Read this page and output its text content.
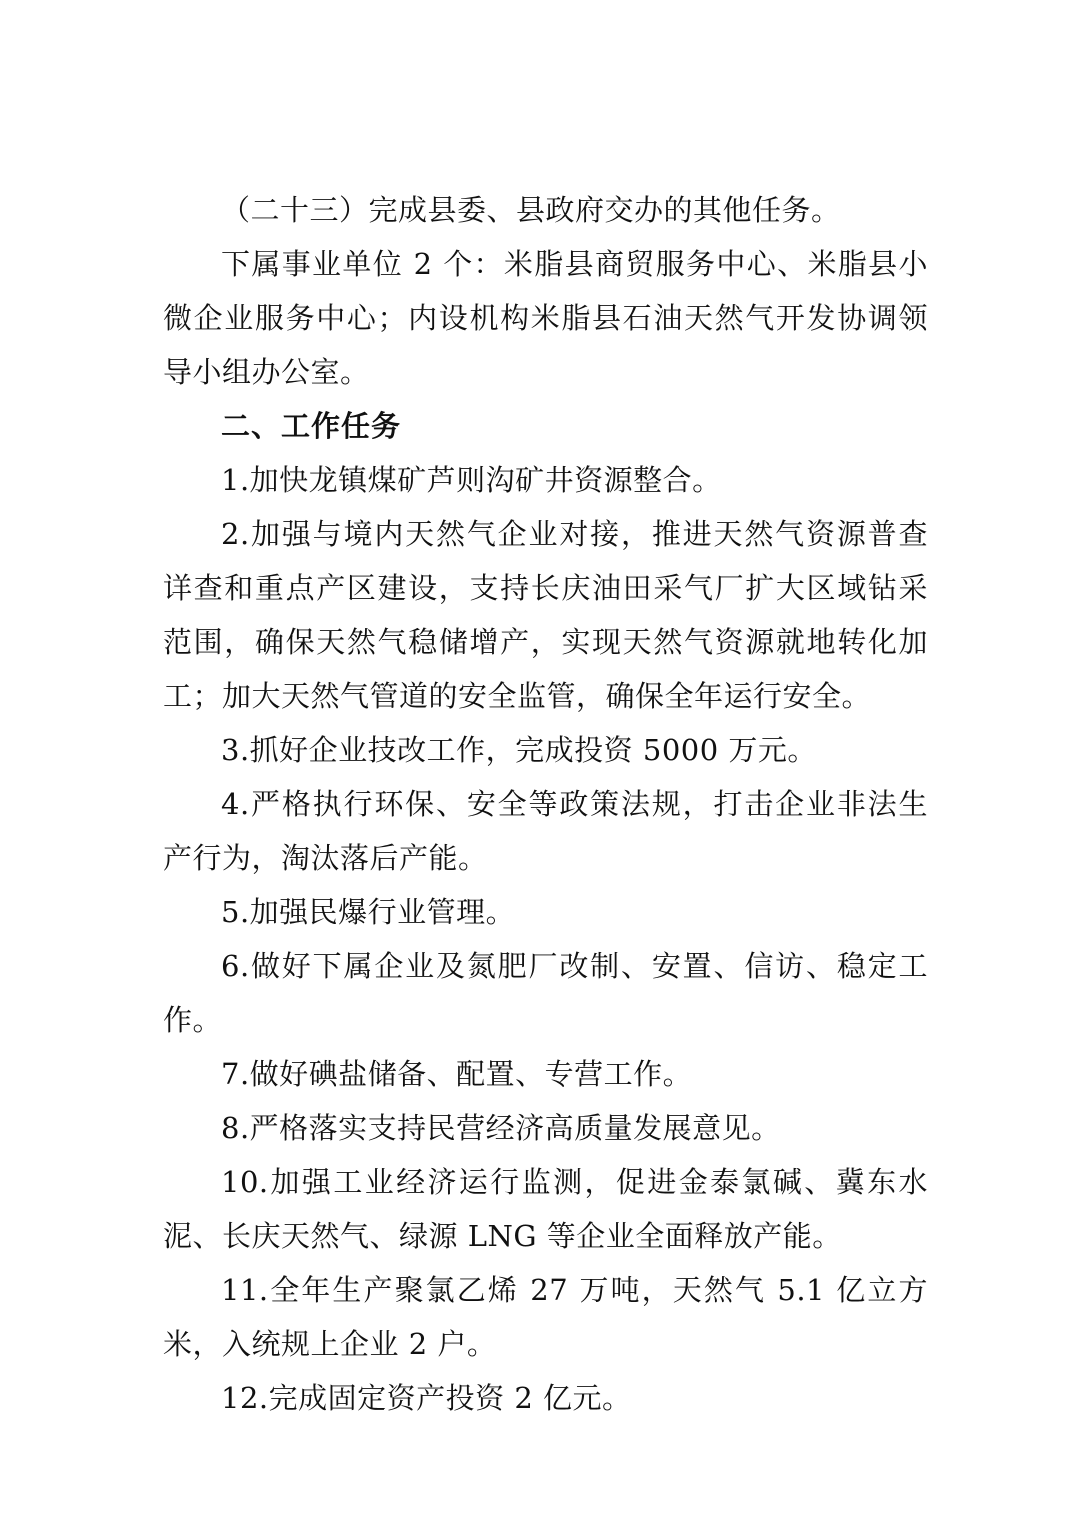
（二十三）完成县委、县政府交办的其他任务。

下属事业单位 2 个：米脂县商贸服务中心、米脂县小微企业服务中心；内设机构米脂县石油天然气开发协调领导小组办公室。

二、工作任务

1.加快龙镇煤矿芦则沟矿井资源整合。

2.加强与境内天然气企业对接，推进天然气资源普查详查和重点产区建设，支持长庆油田采气厂扩大区域钻采范围，确保天然气稳储增产，实现天然气资源就地转化加工；加大天然气管道的安全监管，确保全年运行安全。

3.抓好企业技改工作，完成投资 5000 万元。

4.严格执行环保、安全等政策法规，打击企业非法生产行为，淘汰落后产能。

5.加强民爆行业管理。

6.做好下属企业及氮肥厂改制、安置、信访、稳定工作。

7.做好碘盐储备、配置、专营工作。

8.严格落实支持民营经济高质量发展意见。

10.加强工业经济运行监测，促进金泰氯碱、冀东水泥、长庆天然气、绿源 LNG 等企业全面释放产能。

11.全年生产聚氯乙烯 27 万吨，天然气 5.1 亿立方米，入统规上企业 2 户。

12.完成固定资产投资 2 亿元。
